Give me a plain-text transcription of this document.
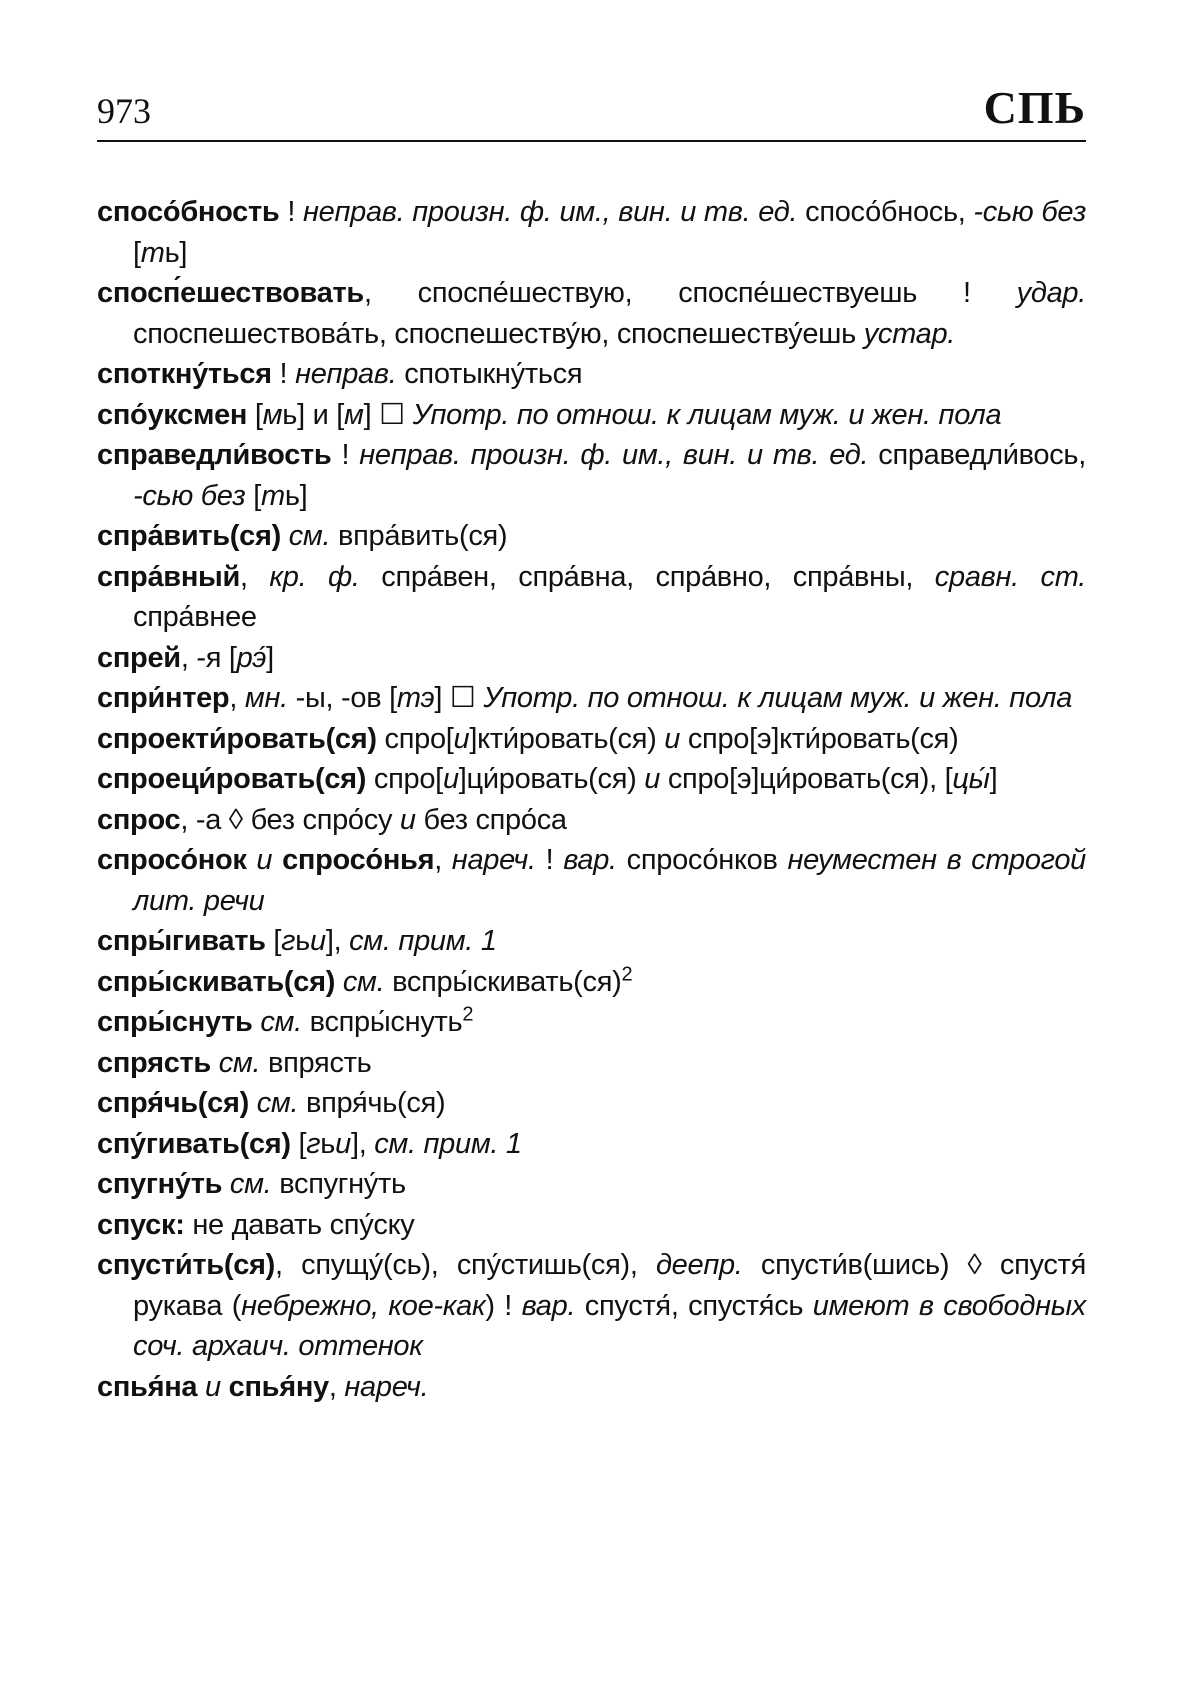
973	СПЬ
спосо́бность ! неправ. произн. ф. им., вин. и тв. ед. спосо́бнось, -сью без [ть]
спосп́ешествовать, споспе́шествую, споспе́шествуешь ! удар. споспешествова́ть, споспешеству́ю, споспешеству́ешь устар.
споткну́ться ! неправ. спотыкну́ться
спо́уксмен [мь] и [м] ☐ Употр. по отнош. к лицам муж. и жен. пола
справедли́вость ! неправ. произн. ф. им., вин. и тв. ед. справедли́вось, -сью без [ть]
спра́вить(ся) см. впра́вить(ся)
спра́вный, кр. ф. спра́вен, спра́вна, спра́вно, спра́вны, сравн. ст. спра́внее
спрей, -я [рэ́]
спри́нтер, мн. -ы, -ов [тэ] ☐ Употр. по отнош. к лицам муж. и жен. пола
спроекти́ровать(ся) спро[и]кти́ровать(ся) и спро[э]кти́ровать(ся)
спроеци́ровать(ся) спро[и]ци́ровать(ся) и спро[э]ци́ровать(ся), [цы́]
спрос, -а ◊ без спро́су и без спро́са
спросо́нок и спросо́нья, нареч. ! вар. спросо́нков неуместен в строгой лит. речи
спры́гивать [гьи], см. прим. 1
спры́скивать(ся) см. вспры́скивать(ся)$^2$
спры́снуть см. вспры́снуть$^2$
спрясть см. впрясть
спря́чь(ся) см. впря́чь(ся)
спу́гивать(ся) [гьи], см. прим. 1
спугну́ть см. вспугну́ть
спуск: не давать спу́ску
спусти́ть(ся), спущу́(сь), спу́стишь(ся), деепр. спусти́в(шись) ◊ спустя́ рукава (небрежно, кое-как) ! вар. спустя́, спустя́сь имеют в свободных соч. архаич. оттенок
спья́на и спья́ну, нареч.
